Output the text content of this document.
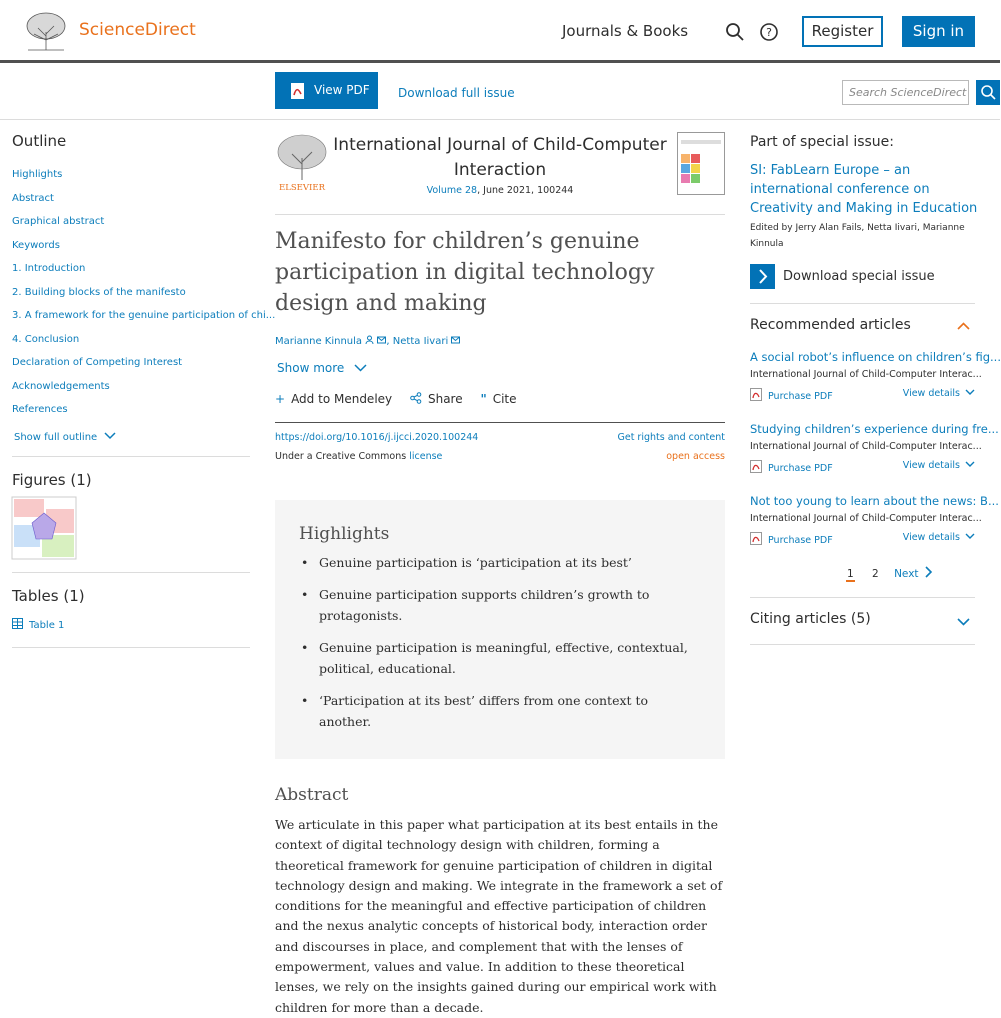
ScienceDirect	Journals & Books	?	Register	Sign in
View PDF	Download full issue	Search ScienceDirect
Outline
Highlights
Abstract
Graphical abstract
Keywords
1. Introduction
2. Building blocks of the manifesto
3. A framework for the genuine participation of chi...
4. Conclusion
Declaration of Competing Interest
Acknowledgements
References
Show full outline
Figures (1)
Tables (1)
Table 1
ELSEVIER
International Journal of Child-Computer Interaction
Volume 28, June 2021, 100244
Manifesto for children’s genuine participation in digital technology design and making
Marianne Kinnula , Netta Iivari
Show more
+ Add to Mendeley	Share " Cite
https://doi.org/10.1016/j.ijcci.2020.100244
Under a Creative Commons license
Get rights and content
open access
Highlights
• Genuine participation is ‘participation at its best’
• Genuine participation supports children’s growth to protagonists.
• Genuine participation is meaningful, effective, contextual, political, educational.
• ‘Participation at its best’ differs from one context to another.
Abstract

We articulate in this paper what participation at its best entails in the context of digital technology design with children, forming a theoretical framework for genuine participation of children in digital technology design and making. We integrate in the framework a set of conditions for the meaningful and effective participation of children and the nexus analytic concepts of historical body, interaction order and discourses in place, and complement that with the lenses of empowerment, values and value. In addition to these theoretical lenses, we rely on the insights gained during our empirical work with children for more than a decade.

Part of special issue:
SI: FabLearn Europe – an international conference on Creativity and Making in Education
Edited by Jerry Alan Fails, Netta Iivari, Marianne Kinnula
Download special issue
Recommended articles
A social robot’s influence on children’s fig...
International Journal of Child-Computer Interac...
Purchase PDF	View details
Studying children’s experience during fre...
International Journal of Child-Computer Interac...
Purchase PDF	View details
Not too young to learn about the news: B...
International Journal of Child-Computer Interac...
Purchase PDF	View details
1 2 Next
Citing articles (5)
